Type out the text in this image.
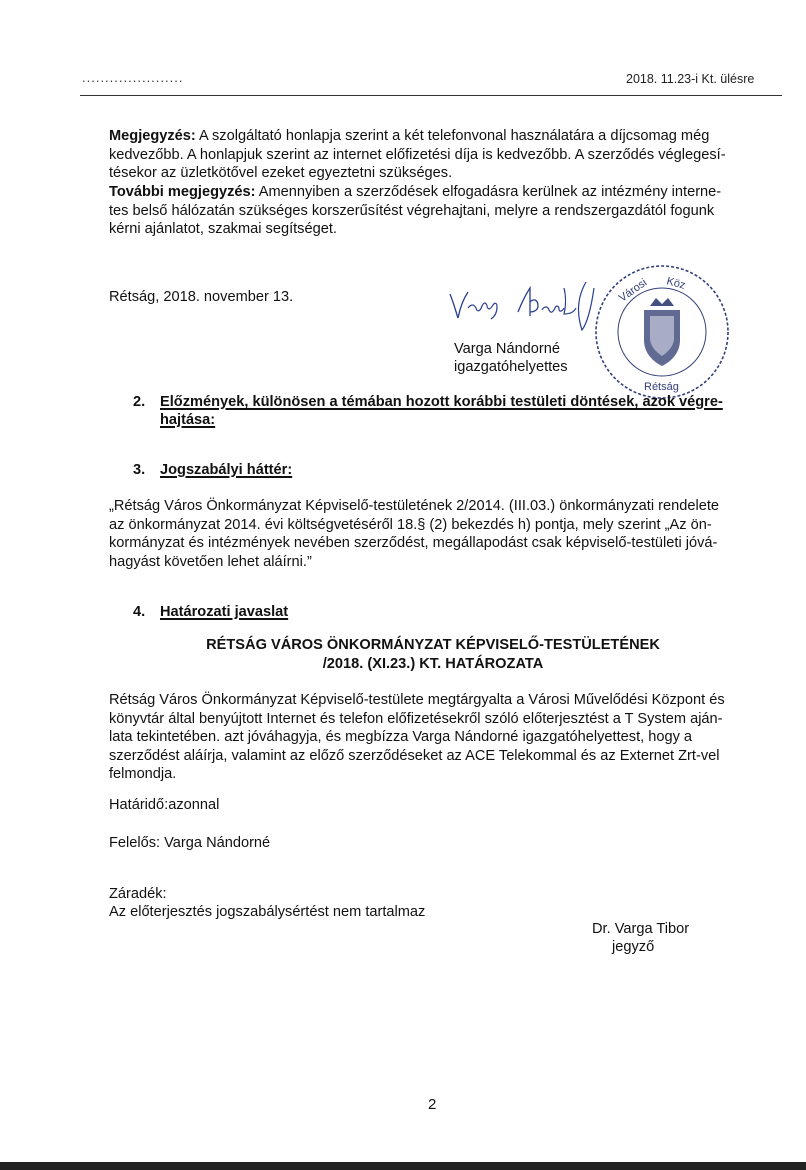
......................	2018. 11.23-i Kt. ülésre
Megjegyzés: A szolgáltató honlapja szerint a két telefonvonal használatára a díjcsomag még
kedvezőbb. A honlapjuk szerint az internet előfizetési díja is kedvezőbb. A szerződés véglegesí-
tésekor az üzletkötővel ezeket egyeztetni szükséges.
További megjegyzés: Amennyiben a szerződések elfogadásra kerülnek az intézmény interne-
tes belső hálózatán szükséges korszerűsítést végrehajtani, melyre a rendszergazdától fogunk
kérni ajánlatot, szakmai segítséget.
Rétság, 2018. november 13.
Varga Nándorné
igazgatóhelyettes
Városi Köz
Rétság
2. Előzmények, különösen a témában hozott korábbi testületi döntések, azok végre-
hajtása:
3. Jogszabályi háttér:
„Rétság Város Önkormányzat Képviselő-testületének 2/2014. (III.03.) önkormányzati rendelete
az önkormányzat 2014. évi költségvetéséről 18.§ (2) bekezdés h) pontja, mely szerint „Az ön-
kormányzat és intézmények nevében szerződést, megállapodást csak képviselő-testületi jóvá-
hagyást követően lehet aláírni.”
4. Határozati javaslat
RÉTSÁG VÁROS ÖNKORMÁNYZAT KÉPVISELŐ-TESTÜLETÉNEK
/2018. (XI.23.) KT. HATÁROZATA
Rétság Város Önkormányzat Képviselő-testülete megtárgyalta a Városi Művelődési Központ és
könyvtár által benyújtott Internet és telefon előfizetésekről szóló előterjesztést a T System aján-
lata tekintetében. azt jóváhagyja, és megbízza Varga Nándorné igazgatóhelyettest, hogy a
szerződést aláírja, valamint az előző szerződéseket az ACE Telekommal és az Externet Zrt-vel
felmondja.
Határidő:azonnal
Felelős: Varga Nándorné
Záradék:
Az előterjesztés jogszabálysértést nem tartalmaz
Dr. Varga Tibor
jegyző
2
